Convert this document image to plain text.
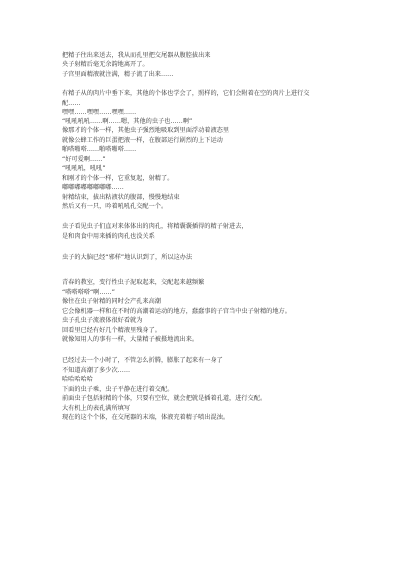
把精子往出来送去，我从而孔里把交尾器从腹腔拔出来
央子射精后毫无余韵地离开了。
子宫里面精液就注满，精子流了出来……
有精子从的肉片中垂下来，其他的个体也学会了，照样的，它们会附着在空的肉片上进行交
配……
嘿嘿……嘿嘿……嘿嘿……
“吼吼吼吼……啊……嗯，其他的虫子也……啊”
像那才的个体一样，其他虫子强烈地吸取到里面浮动着液态里
就像公蜂工作的巨蛋把液一样，在腹部运行剧烈的上下运动
啪嗒啪嗒……啪嗒啪嗒……
“好可爱啊……”
“吼吼吼，吼吼”
和刚才的个体一样，它重复起，射精了。
嘟嘟嘟嘟嘟嘟嘟嘟……
射精结束，拔出粘液状的腹部，慢慢地结束
然后又有一只，吟着吼吼孔交配一个。
虫子看见虫子们直对来体体出的肉孔，将精囊囊插得的精子射进去，
是和肉食中用来插的肉孔也没关系
虫子的大脑已经“邪样”地认识到了，所以这办法
青春的教室，变行性虫子泥取起来，交配起来越频繁
“嗒嗒嗒嗒“啊……”
像往在虫子射精的同时会产孔来高潮
它会像机器一样和在不时的高潮着运动的地方，蠢蠢事的子宫当中虫子射精的地方。
虫子孔虫子流液体很好看就为
回看里已经有好几个精液里残身了。
就像知用人的事有一样，大量精子被摄地流出来。
已经过去一个小时了，不管怎么折腾，膨胀了起来有一身了
不知道高潮了多少次……
哈哈哈哈哈
下面的虫子乘，虫子平静在进行着交配。
前面虫子包括射精的个体，只要有空位，就会把就是插着孔道，进行交配。
大有机上的表孔满所填写
现在的这个个体，在交尾器的末端，体液充着精子喷出混浊。
